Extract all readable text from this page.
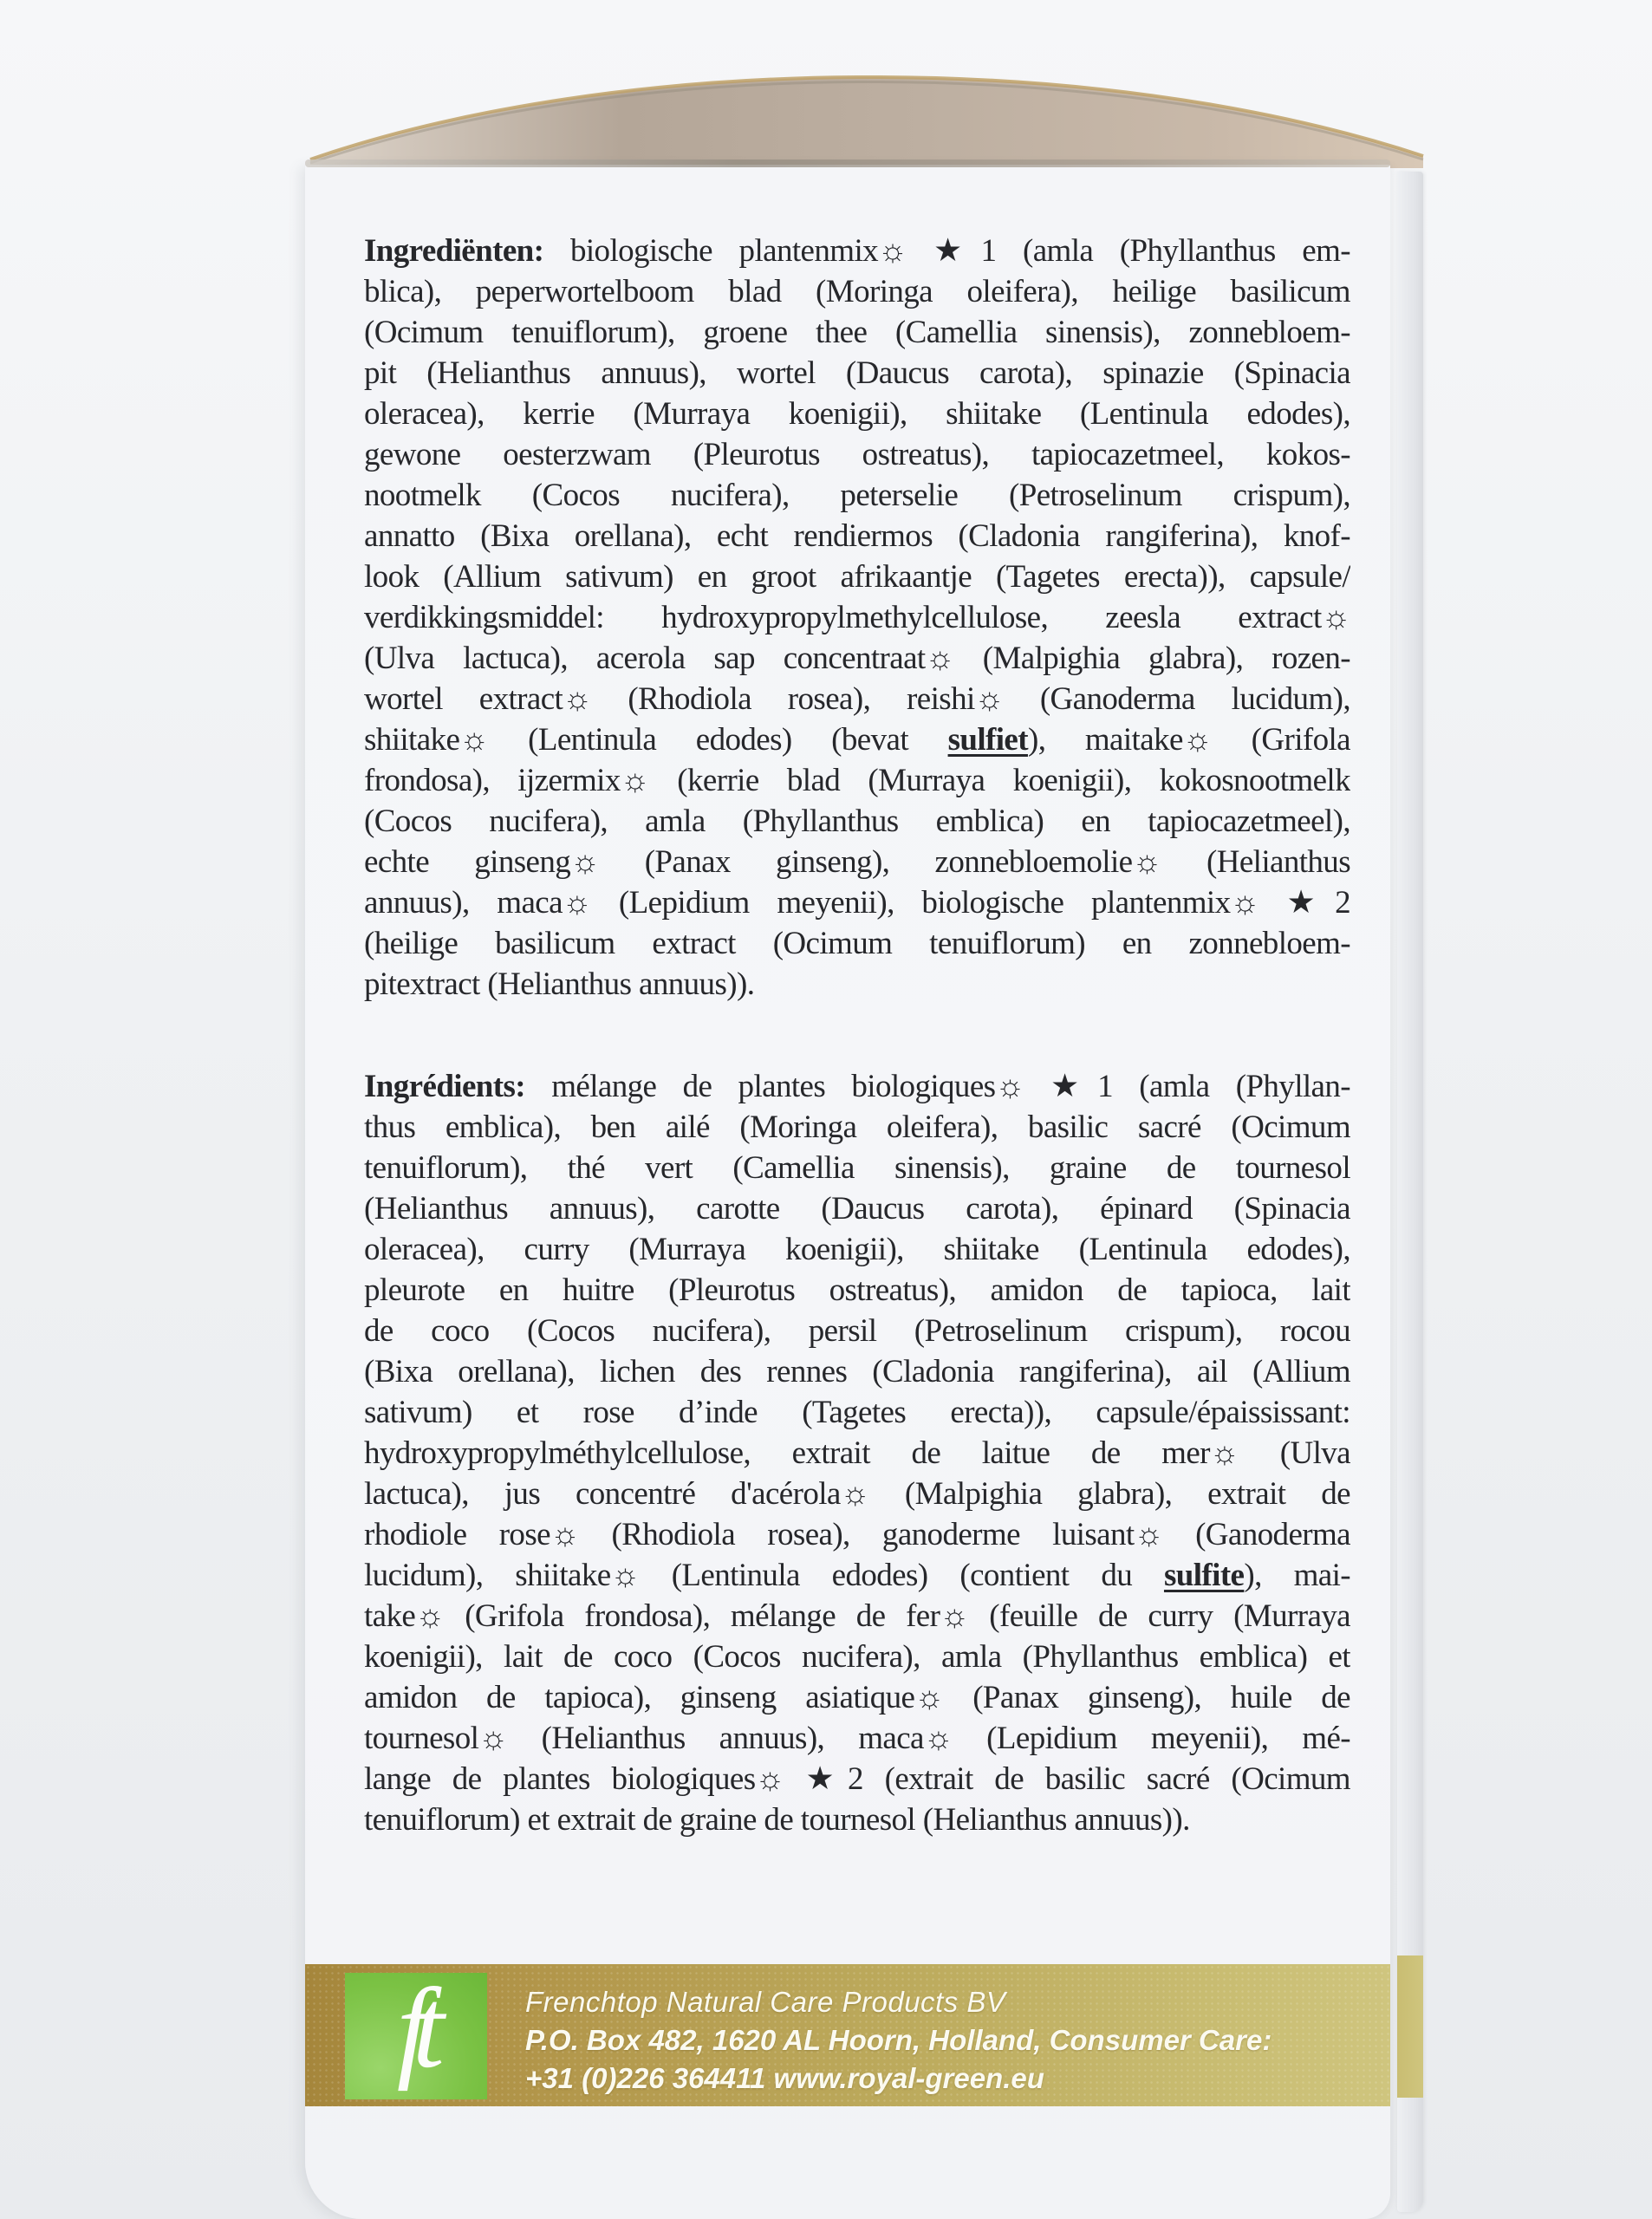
Ingrediënten: biologische plantenmix☼ ★1 (amla (Phyllanthus em-
blica), peperwortelboom blad (Moringa oleifera), heilige basilicum
(Ocimum tenuiflorum), groene thee (Camellia sinensis), zonnebloem-
pit (Helianthus annuus), wortel (Daucus carota), spinazie (Spinacia
oleracea), kerrie (Murraya koenigii), shiitake (Lentinula edodes),
gewone oesterzwam (Pleurotus ostreatus), tapiocazetmeel, kokos-
nootmelk (Cocos nucifera), peterselie (Petroselinum crispum),
annatto (Bixa orellana), echt rendiermos (Cladonia rangiferina), knof-
look (Allium sativum) en groot afrikaantje (Tagetes erecta)), capsule/
verdikkingsmiddel: hydroxypropylmethylcellulose, zeesla extract☼
(Ulva lactuca), acerola sap concentraat☼ (Malpighia glabra), rozen-
wortel extract☼ (Rhodiola rosea), reishi☼ (Ganoderma lucidum),
shiitake☼ (Lentinula edodes) (bevat sulfiet), maitake☼ (Grifola
frondosa), ijzermix☼ (kerrie blad (Murraya koenigii), kokosnootmelk
(Cocos nucifera), amla (Phyllanthus emblica) en tapiocazetmeel),
echte ginseng☼ (Panax ginseng), zonnebloemolie☼ (Helianthus
annuus), maca☼ (Lepidium meyenii), biologische plantenmix☼ ★2
(heilige basilicum extract (Ocimum tenuiflorum) en zonnebloem-
pitextract (Helianthus annuus)).
Ingrédients: mélange de plantes biologiques☼ ★1 (amla (Phyllan-
thus emblica), ben ailé (Moringa oleifera), basilic sacré (Ocimum
tenuiflorum), thé vert (Camellia sinensis), graine de tournesol
(Helianthus annuus), carotte (Daucus carota), épinard (Spinacia
oleracea), curry (Murraya koenigii), shiitake (Lentinula edodes),
pleurote en huitre (Pleurotus ostreatus), amidon de tapioca, lait
de coco (Cocos nucifera), persil (Petroselinum crispum), rocou
(Bixa orellana), lichen des rennes (Cladonia rangiferina), ail (Allium
sativum) et rose d’inde (Tagetes erecta)), capsule/épaississant:
hydroxypropylméthylcellulose, extrait de laitue de mer☼ (Ulva
lactuca), jus concentré d'acérola☼ (Malpighia glabra), extrait de
rhodiole rose☼ (Rhodiola rosea), ganoderme luisant☼ (Ganoderma
lucidum), shiitake☼ (Lentinula edodes) (contient du sulfite), mai-
take☼ (Grifola frondosa), mélange de fer☼ (feuille de curry (Murraya
koenigii), lait de coco (Cocos nucifera), amla (Phyllanthus emblica) et
amidon de tapioca), ginseng asiatique☼ (Panax ginseng), huile de
tournesol☼ (Helianthus annuus), maca☼ (Lepidium meyenii), mé-
lange de plantes biologiques☼ ★2 (extrait de basilic sacré (Ocimum
tenuiflorum) et extrait de graine de tournesol (Helianthus annuus)).
ft	Frenchtop Natural Care Products BV
P.O. Box 482, 1620 AL Hoorn, Holland, Consumer Care:
+31 (0)226 364411 www.royal-green.eu
